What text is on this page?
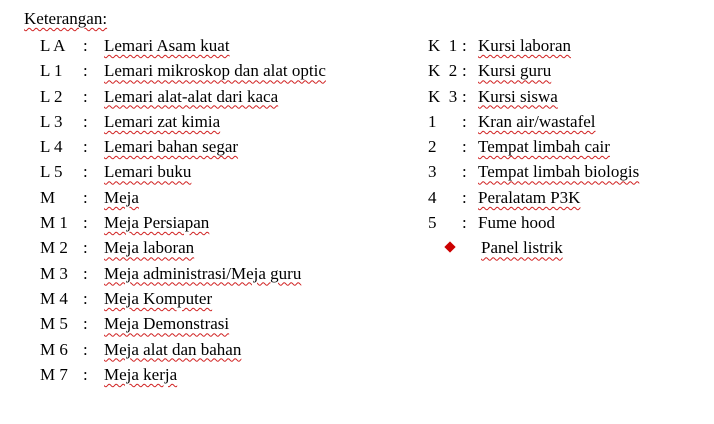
Keterangan:
L A : Lemari Asam kuat
L 1 : Lemari mikroskop dan alat optic
L 2 : Lemari alat-alat dari kaca
L 3 : Lemari zat kimia
L 4 : Lemari bahan segar
L 5 : Lemari buku
M : Meja
M 1 : Meja Persiapan
M 2 : Meja laboran
M 3 : Meja administrasi/Meja guru
M 4 : Meja Komputer
M 5 : Meja Demonstrasi
M 6 : Meja alat dan bahan
M 7 : Meja kerja
K  1 : Kursi laboran
K  2 : Kursi guru
K  3 : Kursi siswa
1 : Kran air/wastafel
2 : Tempat limbah cair
3 : Tempat limbah biologis
4 : Peralatam P3K
5 : Fume hood
Panel listrik
